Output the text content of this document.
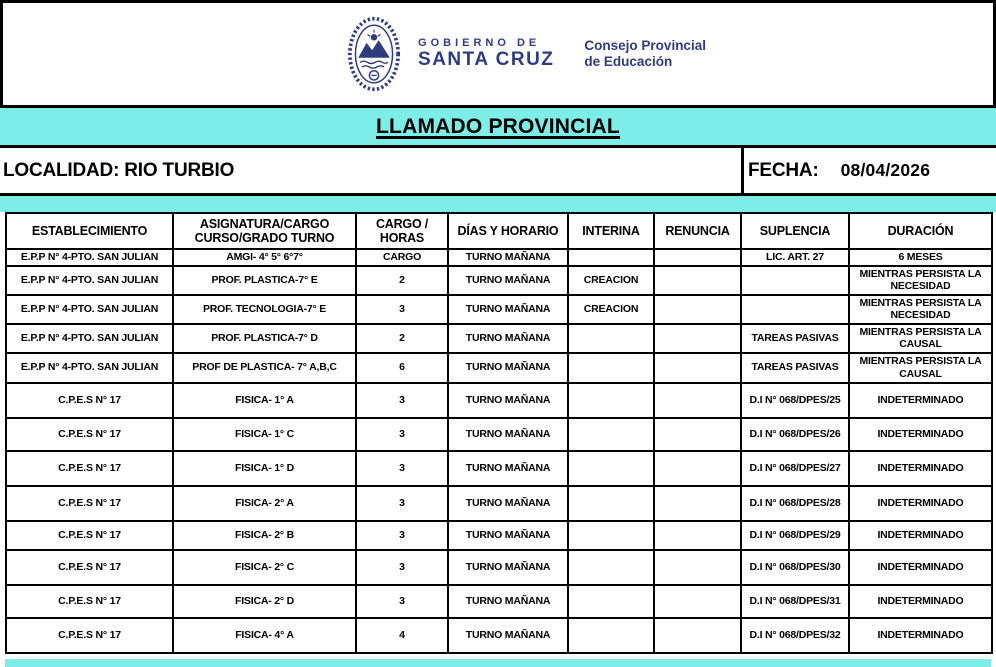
GOBIERNO DE
SANTA CRUZ
Consejo Provincial
de Educación
LLAMADO PROVINCIAL
LOCALIDAD: RIO TURBIO	FECHA: 08/04/2026
ESTABLECIMIENTO	ASIGNATURA/CARGO CURSO/GRADO TURNO	CARGO / HORAS	DÍAS Y HORARIO	INTERINA	RENUNCIA	SUPLENCIA	DURACIÓN
E.P.P N° 4-PTO. SAN JULIAN	AMGI- 4° 5° 6°7°	CARGO	TURNO MAÑANA			LIC. ART. 27	6 MESES
E.P.P N° 4-PTO. SAN JULIAN	PROF. PLASTICA-7° E	2	TURNO MAÑANA	CREACION			MIENTRAS PERSISTA LA NECESIDAD
E.P.P N° 4-PTO. SAN JULIAN	PROF. TECNOLOGIA-7° E	3	TURNO MAÑANA	CREACION			MIENTRAS PERSISTA LA NECESIDAD
E.P.P N° 4-PTO. SAN JULIAN	PROF. PLASTICA-7° D	2	TURNO MAÑANA			TAREAS PASIVAS	MIENTRAS PERSISTA LA CAUSAL
E.P.P N° 4-PTO. SAN JULIAN	PROF DE PLASTICA- 7° A,B,C	6	TURNO MAÑANA			TAREAS PASIVAS	MIENTRAS PERSISTA LA CAUSAL
C.P.E.S N° 17	FISICA- 1° A	3	TURNO MAÑANA			D.I N° 068/DPES/25	INDETERMINADO
C.P.E.S N° 17	FISICA- 1° C	3	TURNO MAÑANA			D.I N° 068/DPES/26	INDETERMINADO
C.P.E.S N° 17	FISICA- 1° D	3	TURNO MAÑANA			D.I N° 068/DPES/27	INDETERMINADO
C.P.E.S N° 17	FISICA- 2° A	3	TURNO MAÑANA			D.I N° 068/DPES/28	INDETERMINADO
C.P.E.S N° 17	FISICA- 2° B	3	TURNO MAÑANA			D.I N° 068/DPES/29	INDETERMINADO
C.P.E.S N° 17	FISICA- 2° C	3	TURNO MAÑANA			D.I N° 068/DPES/30	INDETERMINADO
C.P.E.S N° 17	FISICA- 2° D	3	TURNO MAÑANA			D.I N° 068/DPES/31	INDETERMINADO
C.P.E.S N° 17	FISICA- 4° A	4	TURNO MAÑANA			D.I N° 068/DPES/32	INDETERMINADO
